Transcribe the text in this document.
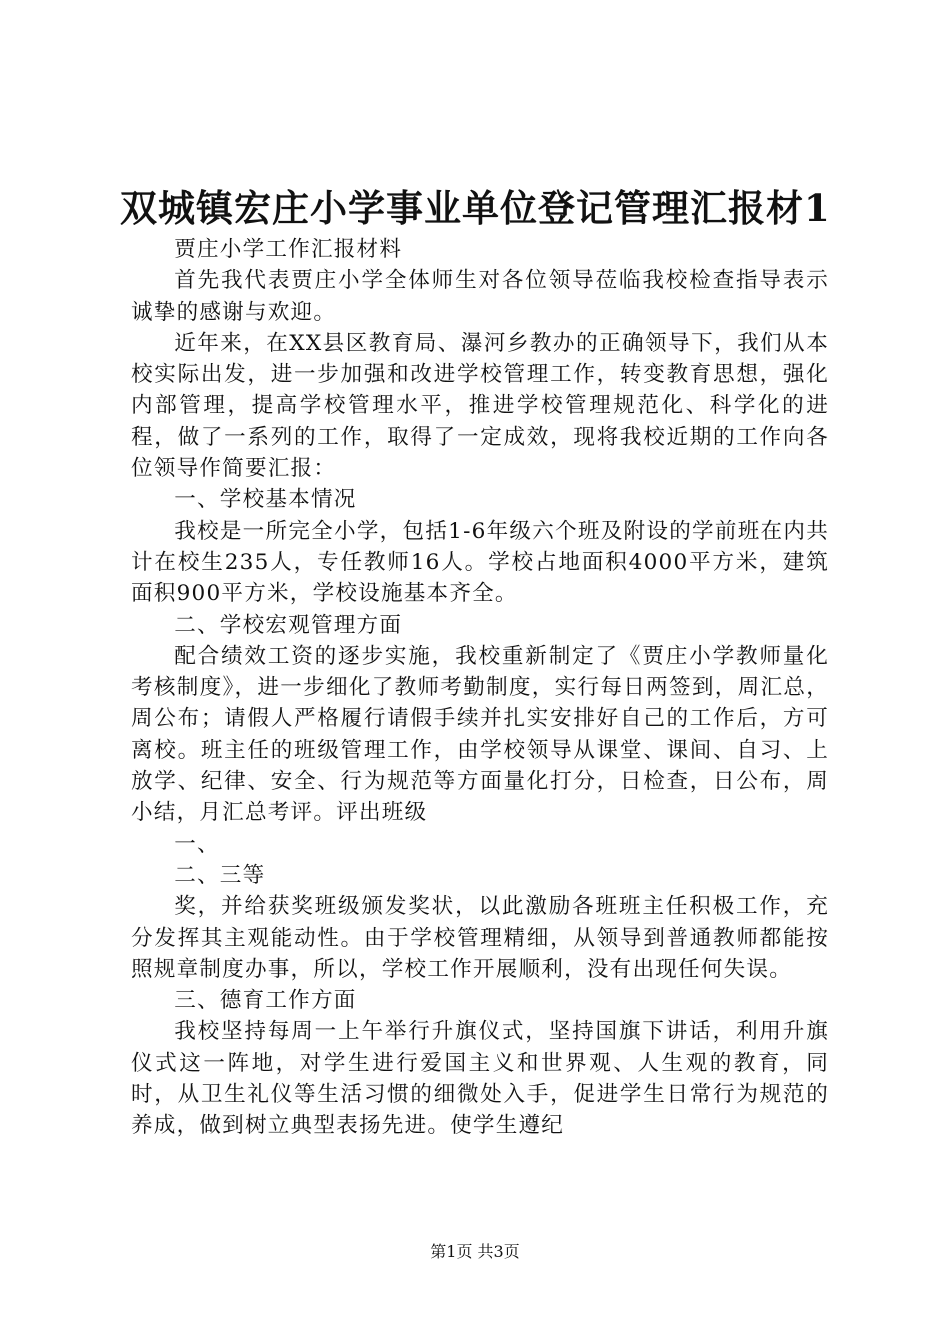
双城镇宏庄小学事业单位登记管理汇报材1

贾庄小学工作汇报材料

首先我代表贾庄小学全体师生对各位领导莅临我校检查指导表示诚挚的感谢与欢迎。

近年来，在XX县区教育局、瀑河乡教办的正确领导下，我们从本校实际出发，进一步加强和改进学校管理工作，转变教育思想，强化内部管理，提高学校管理水平，推进学校管理规范化、科学化的进程，做了一系列的工作，取得了一定成效，现将我校近期的工作向各位领导作简要汇报：

一、学校基本情况

我校是一所完全小学，包括1-6年级六个班及附设的学前班在内共计在校生235人，专任教师16人。学校占地面积4000平方米，建筑面积900平方米，学校设施基本齐全。

二、学校宏观管理方面

配合绩效工资的逐步实施，我校重新制定了《贾庄小学教师量化考核制度》，进一步细化了教师考勤制度，实行每日两签到，周汇总，周公布；请假人严格履行请假手续并扎实安排好自己的工作后，方可离校。班主任的班级管理工作，由学校领导从课堂、课间、自习、上放学、纪律、安全、行为规范等方面量化打分，日检查，日公布，周小结，月汇总考评。评出班级

一、

二、三等

奖，并给获奖班级颁发奖状，以此激励各班班主任积极工作，充分发挥其主观能动性。由于学校管理精细，从领导到普通教师都能按照规章制度办事，所以，学校工作开展顺利，没有出现任何失误。

三、德育工作方面

我校坚持每周一上午举行升旗仪式，坚持国旗下讲话，利用升旗仪式这一阵地，对学生进行爱国主义和世界观、人生观的教育，同时，从卫生礼仪等生活习惯的细微处入手，促进学生日常行为规范的养成，做到树立典型表扬先进。使学生遵纪

第1页 共3页
